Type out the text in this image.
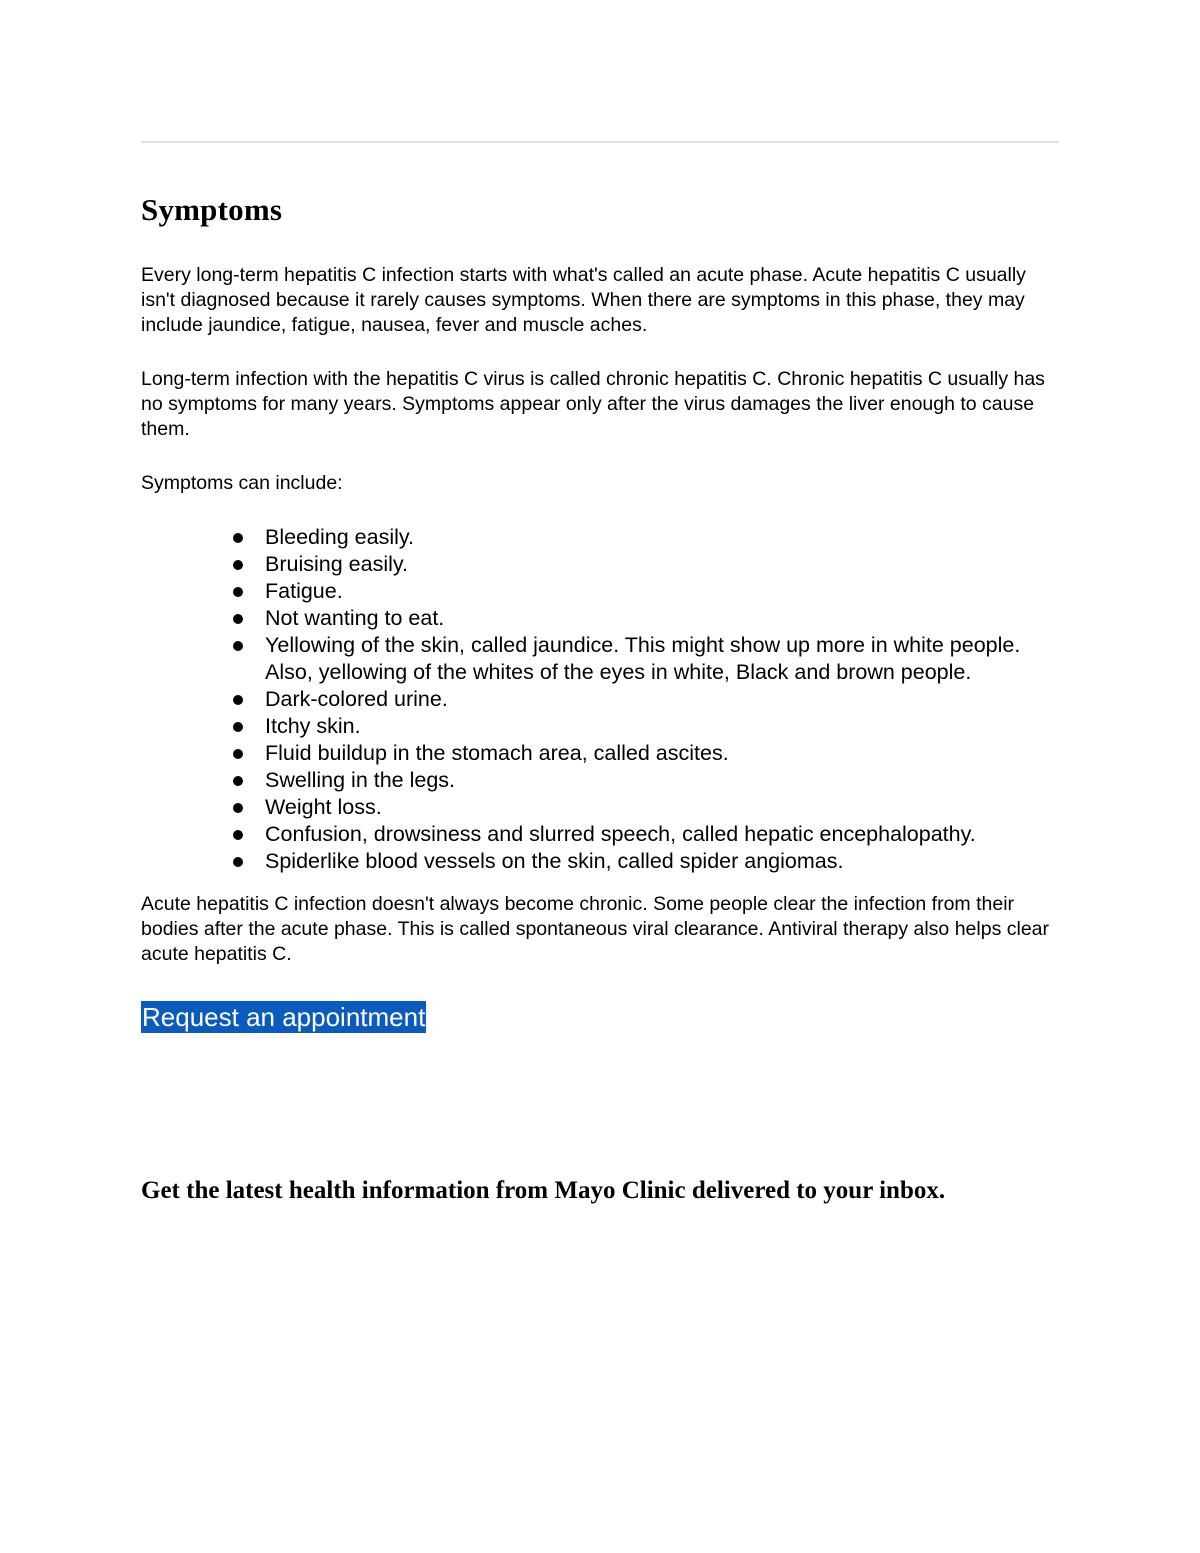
Symptoms

Every long-term hepatitis C infection starts with what's called an acute phase. Acute hepatitis C usually isn't diagnosed because it rarely causes symptoms. When there are symptoms in this phase, they may include jaundice, fatigue, nausea, fever and muscle aches.

Long-term infection with the hepatitis C virus is called chronic hepatitis C. Chronic hepatitis C usually has no symptoms for many years. Symptoms appear only after the virus damages the liver enough to cause them.

Symptoms can include:

Bleeding easily.
Bruising easily.
Fatigue.
Not wanting to eat.
Yellowing of the skin, called jaundice. This might show up more in white people. Also, yellowing of the whites of the eyes in white, Black and brown people.
Dark-colored urine.
Itchy skin.
Fluid buildup in the stomach area, called ascites.
Swelling in the legs.
Weight loss.
Confusion, drowsiness and slurred speech, called hepatic encephalopathy.
Spiderlike blood vessels on the skin, called spider angiomas.

Acute hepatitis C infection doesn't always become chronic. Some people clear the infection from their bodies after the acute phase. This is called spontaneous viral clearance. Antiviral therapy also helps clear acute hepatitis C.

Request an appointment
Get the latest health information from Mayo Clinic delivered to your inbox.
